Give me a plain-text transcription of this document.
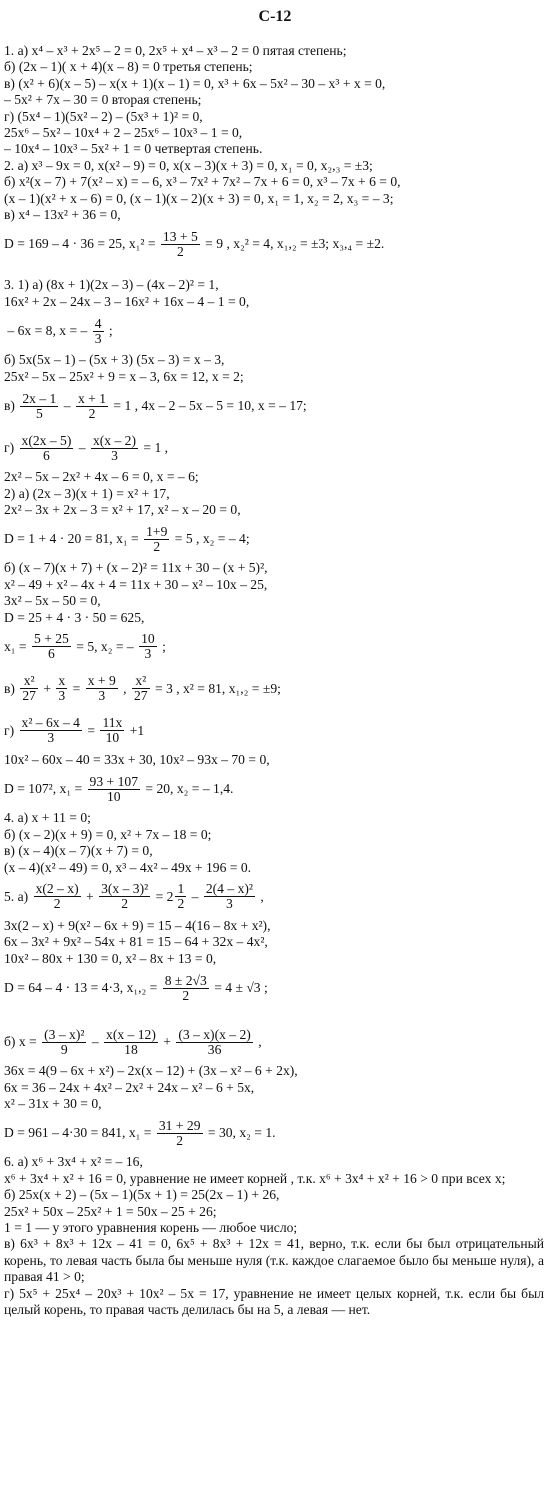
С-12
1. а) x⁴ – x³ + 2x⁵ – 2 = 0, 2x⁵ + x⁴ – x³ – 2 = 0 пятая степень;
б) (2x – 1)( x + 4)(x – 8) = 0 третья степень;
в) (x² + 6)(x – 5) – x(x + 1)(x – 1) = 0, x³ + 6x – 5x² – 30 – x³ + x = 0,
– 5x² + 7x – 30 = 0 вторая степень;
г) (5x⁴ – 1)(5x² – 2) – (5x³ + 1)² = 0,
25x⁶ – 5x² – 10x⁴ + 2 – 25x⁶ – 10x³ – 1 = 0,
– 10x⁴ – 10x³ – 5x² + 1 = 0 четвертая степень.
2. а) x³ – 9x = 0, x(x² – 9) = 0, x(x – 3)(x + 3) = 0, x₁ = 0, x₂,₃ = ±3;
б) x²(x – 7) + 7(x² – x) = – 6, x³ – 7x² + 7x² – 7x + 6 = 0, x³ – 7x + 6 = 0,
(x – 1)(x² + x – 6) = 0, (x – 1)(x – 2)(x + 3) = 0, x₁ = 1, x₂ = 2, x₃ = – 3;
в) x⁴ – 13x² + 36 = 0,
D = 169 – 4 · 36 = 25, $x_1^2 = \frac{13 + 5}{2} = 9$ , x₂² = 4, x₁,₂ = ±3; x₃,₄ = ±2.
3. 1) а) (8x + 1)(2x – 3) – (4x – 2)² = 1,
16x² + 2x – 24x – 3 – 16x² + 16x – 4 – 1 = 0,
– 6x = 8, x = – $\frac{4}{3}$ ;
б) 5x(5x – 1) – (5x + 3) (5x – 3) = x – 3,
25x² – 5x – 25x² + 9 = x – 3, 6x = 12, x = 2;
$в) \frac{2x - 1}{5} - \frac{x + 1}{2} = 1$ , 4x – 2 – 5x – 5 = 10, x = – 17;
$г) \frac{x(2x - 5)}{6} - \frac{x(x - 2)}{3} = 1$ ,
2x² – 5x – 2x² + 4x – 6 = 0, x = – 6;
2) а) (2x – 3)(x + 1) = x² + 17,
2x² – 3x + 2x – 3 = x² + 17, x² – x – 20 = 0,
D = 1 + 4 · 20 = 81, $x_1 = \frac{1+9}{2} = 5$ , x₂ = – 4;
б) (x – 7)(x + 7) + (x – 2)² = 11x + 30 – (x + 5)²,
x² – 49 + x² – 4x + 4 = 11x + 30 – x² – 10x – 25,
3x² – 5x – 50 = 0,
D = 25 + 4 · 3 · 50 = 625,
$x_1 = \frac{5 + 25}{6} = 5$, x₂ = – $\frac{10}{3}$ ;
$в) \frac{\text{x²}}{27} + \frac{x}{3} = \frac{x + 9}{3}$ , $\frac{\text{x²}}{27} = 3$ , x² = 81, x₁,₂ = ±9;
$г) \frac{\text{x² – 6x – 4}}{3} = \frac{11x}{10} +1$
10x² – 60x – 40 = 33x + 30, 10x² – 93x – 70 = 0,
D = 107², $x_1 = \frac{93 + 107}{10} = 20$, x₂ = – 1,4.
4. а) x + 11 = 0;
б) (x – 2)(x + 9) = 0, x² + 7x – 18 = 0;
в) (x – 4)(x – 7)(x + 7) = 0,
(x – 4)(x² – 49) = 0, x³ – 4x² – 49x + 196 = 0.
5. $а) \frac{x(2 - x)}{2} + \frac{\text{3(x – 3)²}}{2} = 2 \frac{1}{2} - \frac{\text{2(4 – x)²}}{3}$ ,
3x(2 – x) + 9(x² – 6x + 9) = 15 – 4(16 – 8x + x²),
6x – 3x² + 9x² – 54x + 81 = 15 – 64 + 32x – 4x²,
10x² – 80x + 130 = 0, x² – 8x + 13 = 0,
D = 64 – 4 · 13 = 4·3, $x_1,_2 = \frac{8 \pm 2√3}{2} = 4 \pm √3$ ;
б) $x = \frac{\text{(3 – x)²}}{9} - \frac{x(x - 12)}{18} + \frac{(3 - x)(x - 2)}{36}$ ,
36x = 4(9 – 6x + x²) – 2x(x – 12) + (3x – x² – 6 + 2x),
6x = 36 – 24x + 4x² – 2x² + 24x – x² – 6 + 5x,
x² – 31x + 30 = 0,
D = 961 – 4·30 = 841, $x_1 = \frac{31 + 29}{2} = 30$, x₂ = 1.
6. а) x⁶ + 3x⁴ + x² = – 16,
x⁶ + 3x⁴ + x² + 16 = 0, уравнение не имеет корней , т.к. x⁶ + 3x⁴ + x² + 16 > 0 при всех x;
б) 25x(x + 2) – (5x – 1)(5x + 1) = 25(2x – 1) + 26,
25x² + 50x – 25x² + 1 = 50x – 25 + 26;
1 = 1 — у этого уравнения корень — любое число;
в) 6x³ + 8x³ + 12x – 41 = 0, 6x⁵ + 8x³ + 12x = 41, верно, т.к. если бы был отрицательный корень, то левая часть была бы меньше нуля (т.к. каждое слагаемое было бы меньше нуля), а правая 41 > 0;
г) 5x⁵ + 25x⁴ – 20x³ + 10x² – 5x = 17, уравнение не имеет целых корней, т.к. если бы был целый корень, то правая часть делилась бы на 5, а левая — нет.
